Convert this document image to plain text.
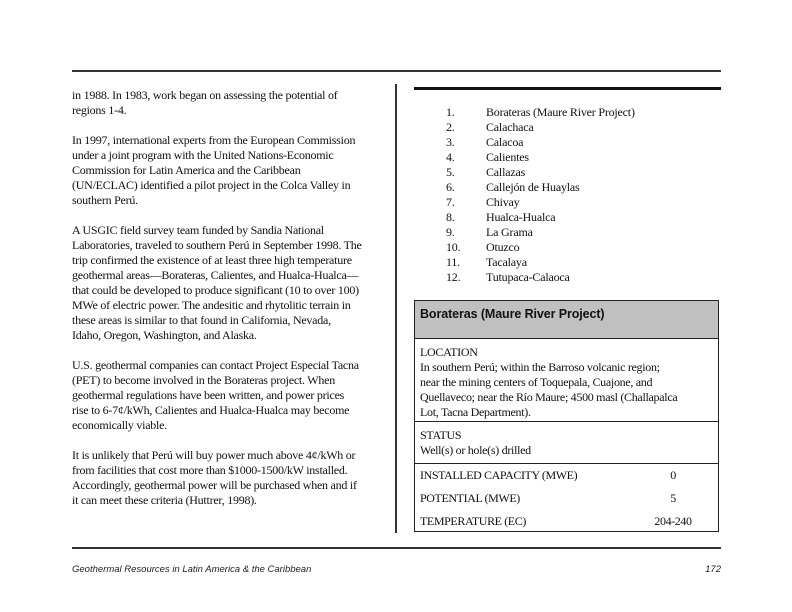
in 1988. In 1983, work began on assessing the potential of regions 1-4.

In 1997, international experts from the European Commission under a joint program with the United Nations-Economic Commission for Latin America and the Caribbean (UN/ECLAC) identified a pilot project in the Colca Valley in southern Perú.

A USGIC field survey team funded by Sandia National Laboratories, traveled to southern Perú in September 1998. The trip confirmed the existence of at least three high temperature geothermal areas—Borateras, Calientes, and Hualca-Hualca—that could be developed to produce significant (10 to over 100) MWe of electric power. The andesitic and rhytolitic terrain in these areas is similar to that found in California, Nevada, Idaho, Oregon, Washington, and Alaska.

U.S. geothermal companies can contact Project Especial Tacna (PET) to become involved in the Borateras project. When geothermal regulations have been written, and power prices rise to 6-7¢/kWh, Calientes and Hualca-Hualca may become economically viable.

It is unlikely that Perú will buy power much above 4¢/kWh or from facilities that cost more than $1000-1500/kW installed. Accordingly, geothermal power will be purchased when and if it can meet these criteria (Huttrer, 1998).

1.	Borateras (Maure River Project)
2.	Calachaca
3.	Calacoa
4.	Calientes
5.	Callazas
6.	Callejón de Huaylas
7.	Chivay
8.	Hualca-Hualca
9.	La Grama
10.	Otuzco
11.	Tacalaya
12.	Tutupaca-Calaoca
Borateras (Maure River Project)
LOCATION
In southern Perú; within the Barroso volcanic region;
near the mining centers of Toquepala, Cuajone, and
Quellaveco; near the Río Maure; 4500 masl (Challapalca
Lot, Tacna Department).
STATUS
Well(s) or hole(s) drilled
INSTALLED CAPACITY (MWE)	0
POTENTIAL (MWE)	5
TEMPERATURE (EC)	204-240
Geothermal Resources in Latin America & the Caribbean	172
